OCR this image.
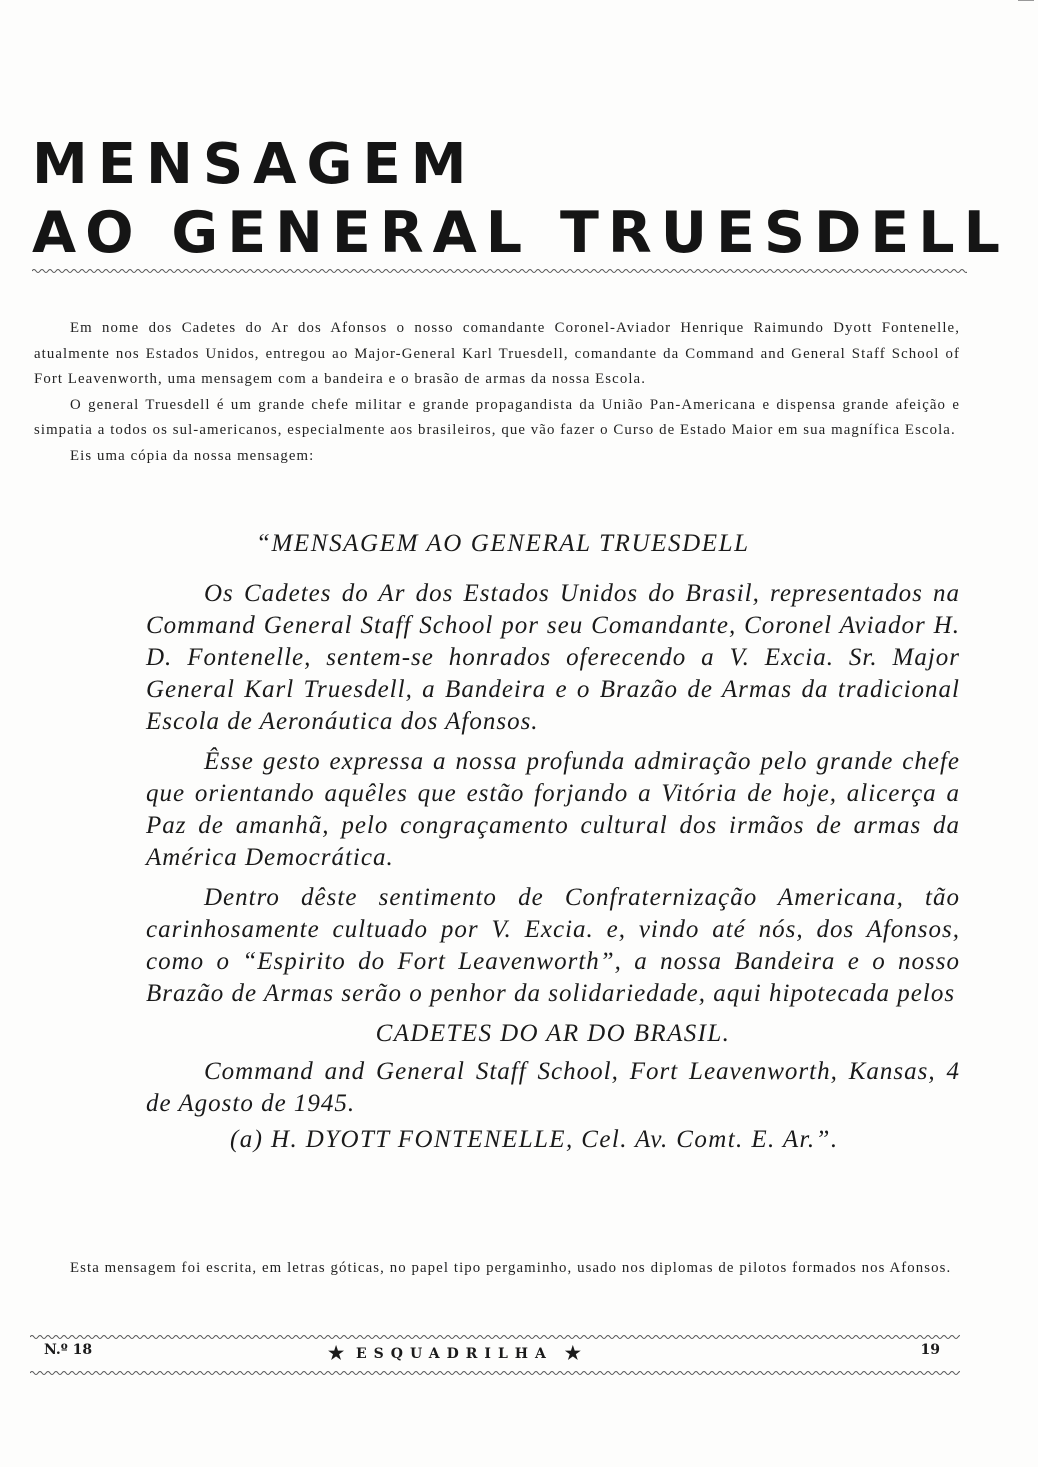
MENSAGEM
AO GENERAL TRUESDELL

Em nome dos Cadetes do Ar dos Afonsos o nosso comandante Coronel-Aviador Henrique Raimundo Dyott Fontenelle, atualmente nos Estados Unidos, entregou ao Major-General Karl Truesdell, comandante da Command and General Staff School of Fort Leavenworth, uma mensagem com a bandeira e o brasão de armas da nossa Escola.

O general Truesdell é um grande chefe militar e grande propagandista da União Pan-Americana e dispensa grande afeição e simpatia a todos os sul-americanos, especialmente aos brasileiros, que vão fazer o Curso de Estado Maior em sua magnífica Escola.

Eis uma cópia da nossa mensagem:

“MENSAGEM AO GENERAL TRUESDELL

Os Cadetes do Ar dos Estados Unidos do Brasil, representados na Command General Staff School por seu Comandante, Coronel Aviador H. D. Fontenelle, sentem-se honrados oferecendo a V. Excia. Sr. Major General Karl Truesdell, a Bandeira e o Brazão de Armas da tradicional Escola de Aeronáutica dos Afonsos.

Êsse gesto expressa a nossa profunda admiração pelo grande chefe que orientando aquêles que estão forjando a Vitória de hoje, alicerça a Paz de amanhã, pelo congraçamento cultural dos irmãos de armas da América Democrática.

Dentro dêste sentimento de Confraternização Americana, tão carinhosamente cultuado por V. Excia. e, vindo até nós, dos Afonsos, como o “Espirito do Fort Leavenworth”, a nossa Bandeira e o nosso Brazão de Armas serão o penhor da solidariedade, aqui hipotecada pelos

CADETES DO AR DO BRASIL.

Command and General Staff School, Fort Leavenworth, Kansas, 4 de Agosto de 1945.

(a) H. DYOTT FONTENELLE, Cel. Av. Comt. E. Ar.”.

Esta mensagem foi escrita, em letras góticas, no papel tipo pergaminho, usado nos diplomas de pilotos formados nos Afonsos.

N.º 18	★ ESQUADRILHA ★	19
